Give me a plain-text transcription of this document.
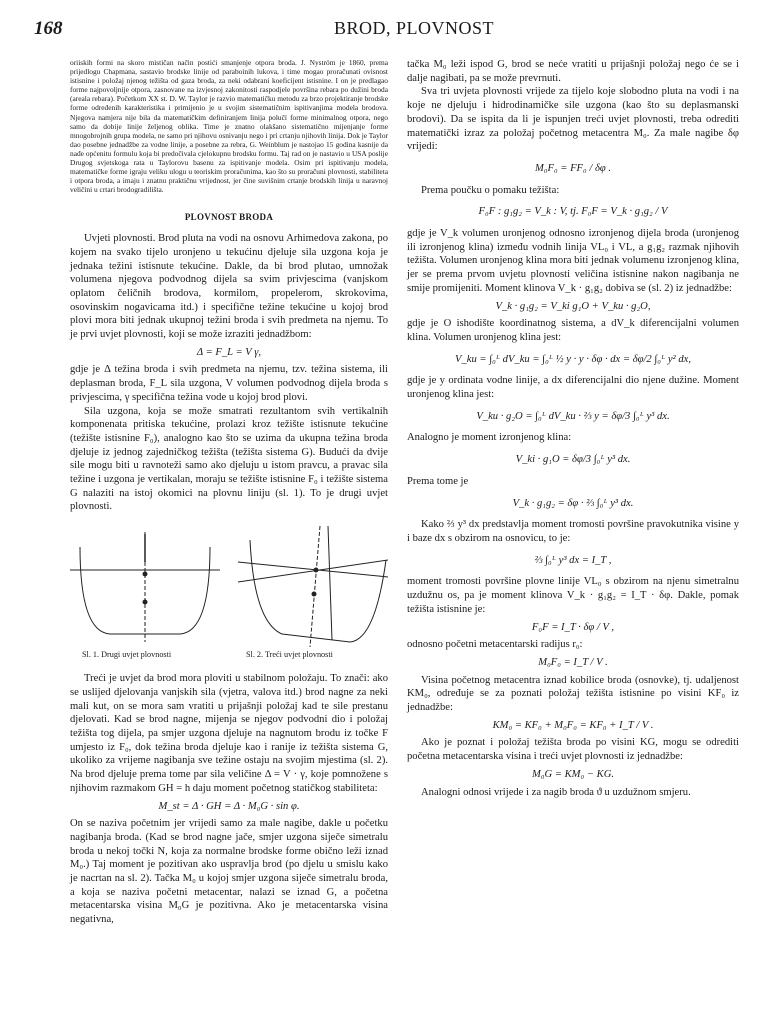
168	BROD, PLOVNOST

oriiskih formi na skoro mističan način postići smanjenje otpora broda. J. Nyström je 1860, prema prijedlogu Chapmana, sastavio brodske linije od paraboinih lukova, i time mogao proračunati ovisnost istisnine i položaj njenog težišta od gaza broda, za neki odabrani koeficijent istisnine. I on je predlagao forme najpovoljnije otpora, zasnovane na izvjesnoj zakonitosti raspodjele površina rebara po dužini broda (areala rebara). Početkom XX st. D. W. Taylor je razvio matematičku metodu za brzo projektiranje brodske forme određenih karakteristika i primijenio je u svojim sistematičnim ispitivanjima modela brodova. Njegova namjera nije bila da matematičkim definiranjem linija polučí forme minimalnog otpora, nego samo da dobije linije željenog oblika. Time je znatno olakšano sistematično mijenjanje forme mnogobrojnih grupa modela, ne samo pri njihovu osnivanju nego i pri crtanju njihovih linija. Dok je Taylor dao posebne jednadžbe za vodne linije, a posebne za rebra, G. Weinblum je nastojao 15 godina kasnije da nađe općenitu formulu koja bi predočivala cjelokupnu brodsku formu. Taj rad on je nastavio u USA poslije Drugog svjetskoga rata u Taylorovu basenu za ispitivanje modela. Osim pri ispitivanju modela, matematičke forme igraju veliku ulogu u teoriskim proračunima, kao što su proračuni plovnosti, stabiliteta i otpora broda, a imaju i znatnu praktičnu vrijednost, jer čine suvišnim crtanje brodskih linija u naravnoj veličini u crtari brodogradilišta.

PLOVNOST BRODA

Uvjeti plovnosti. Brod pluta na vodi na osnovu Arhimedova zakona, po kojem na svako tijelo uronjeno u tekućinu djeluje sila uzgona koja je jednaka težini istisnute tekućine. Dakle, da bi brod plutao, umnožak volumena njegova podvodnog dijela sa svim privjescima (vanjskom oplatom čeličnih brodova, kormilom, propelerom, skrokovima, osovinskim nogavicama itd.) i specifične težine tekućine u kojoj brod plovi mora biti jednak ukupnoj težini broda i svih predmeta na njemu. To je prvi uvjet plovnosti, koji se može izraziti jednadžbom:

Δ = F_L = V γ,

gdje je Δ težina broda i svih predmeta na njemu, tzv. težina sistema, ili deplasman broda, F_L sila uzgona, V volumen podvodnog dijela broda s privjescima, γ specifična težina vode u kojoj brod plovi.

Sila uzgona, koja se može smatrati rezultantom svih vertikalnih komponenata pritiska tekućine, prolazi kroz težište istisnute tekućine (težište istisnine F₀), analogno kao što se uzima da ukupna težina broda djeluje iz jednog zajedničkog težišta (težišta sistema G). Budući da dvije sile mogu biti u ravnoteži samo ako djeluju u istom pravcu, a pravac sila težine i uzgona je vertikalan, moraju se težište istisnine F₀ i težište sistema G nalaziti na istoj okomici na plovnu liniju (sl. 1). To je drugi uvjet plovnosti.

Sl. 1. Drugi uvjet plovnosti	Sl. 2. Treći uvjet plovnosti

Treći je uvjet da brod mora ploviti u stabilnom položaju. To znači: ako se uslijed djelovanja vanjskih sila (vjetra, valova itd.) brod nagne za neki mali kut, on se mora sam vratiti u prijašnji položaj kad te sile prestanu djelovati. Kad se brod nagne, mijenja se njegov podvodni dio i položaj težišta tog dijela, pa smjer uzgona djeluje na nagnutom brodu iz točke F umjesto iz F₀, dok težina broda djeluje kao i ranije iz težišta sistema G, ukoliko za vrijeme nagibanja sve težine ostaju na svojim mjestima (sl. 2). Na brod djeluje prema tome par sila veličine Δ = V · γ, koje pomnožene s njihovim razmakom GH = h daju moment početnog statičkog stabiliteta:

M_st = Δ · GH = Δ · M₀G · sin φ.

On se naziva početnim jer vrijedi samo za male nagibe, dakle u početku nagibanja broda. (Kad se brod nagne jače, smjer uzgona siječe simetralu broda u nekoj točki N, koja za normalne brodske forme obično leži iznad M₀.) Taj moment je pozitivan ako uspravlja brod (po djelu u smislu kako je nacrtan na sl. 2). Tačka M₀ u kojoj smjer uzgona siječe simetralu broda, a koja se naziva početni metacentar, nalazi se iznad G, a početna metacentarska visina M₀G je pozitivna. Ako je metacentarska visina negativna,

tačka M₀ leži ispod G, brod se neće vratiti u prijašnji položaj nego će se i dalje nagibati, pa se može prevrnuti.

Sva tri uvjeta plovnosti vrijede za tijelo koje slobodno pluta na vodi i na koje ne djeluju i hidrodinamičke sile uzgona (kao što su deplasmanski brodovi). Da se ispita da li je ispunjen treći uvjet plovnosti, treba odrediti matematički izraz za položaj početnog metacentra M₀. Za male nagibe δφ vrijedi:

M₀F₀ = FF₀ / δφ .

Prema poučku o pomaku težišta:

F₀F : g₁g₂ = V_k : V, tj. F₀F = V_k · g₁g₂ / V

gdje je V_k volumen uronjenog odnosno izronjenog dijela broda (uronjenog ili izronjenog klina) između vodnih linija VL₀ i VL, a g₁g₂ razmak njihovih težišta. Volumen uronjenog klina mora biti jednak volumenu izronjenog klina, jer se prema prvom uvjetu plovnosti veličina istisnine nakon nagibanja ne smije promijeniti. Moment klinova V_k · g₁g₂ dobiva se (sl. 2) iz jednadžbe:

V_k · g₁g₂ = V_ki g₁O + V_ku · g₂O,

gdje je O ishodište koordinatnog sistema, a dV_k diferencijalni volumen klina. Volumen uronjenog klina jest:

V_ku = ∫₀ᴸ dV_ku = ∫₀ᴸ ½ y · y · δφ · dx = δφ/2 ∫₀ᴸ y² dx,

gdje je y ordinata vodne linije, a dx diferencijalni dio njene dužine. Moment uronjenog klina jest:

V_ku · g₂O = ∫₀ᴸ dV_ku · ⅔ y = δφ/3 ∫₀ᴸ y³ dx.

Analogno je moment izronjenog klina:

V_ki · g₁O = δφ/3 ∫₀ᴸ y³ dx.

Prema tome je

V_k · g₁g₂ = δφ · ⅔ ∫₀ᴸ y³ dx.

Kako ⅔ y³ dx predstavlja moment tromosti površine pravokutnika visine y i baze dx s obzirom na osnovicu, to je:

⅔ ∫₀ᴸ y³ dx = I_T ,

moment tromosti površine plovne linije VL₀ s obzirom na njenu simetralnu uzdužnu os, pa je moment klinova V_k · g₁g₂ = I_T · δφ. Dakle, pomak težišta istisnine je:

F₀F = I_T · δφ / V ,

odnosno početni metacentarski radijus r₀:

M₀F₀ = I_T / V .

Visina početnog metacentra iznad kobilice broda (osnovke), tj. udaljenost KM₀, određuje se za poznati položaj težišta istisnine po visini KF₀ iz jednadžbe:

KM₀ = KF₀ + M₀F₀ = KF₀ + I_T / V .

Ako je poznat i položaj težišta broda po visini KG, mogu se odrediti početna metacentarska visina i treći uvjet plovnosti iz jednadžbe:

M₀G = KM₀ − KG.

Analogni odnosi vrijede i za nagib broda ϑ u uzdužnom smjeru.
